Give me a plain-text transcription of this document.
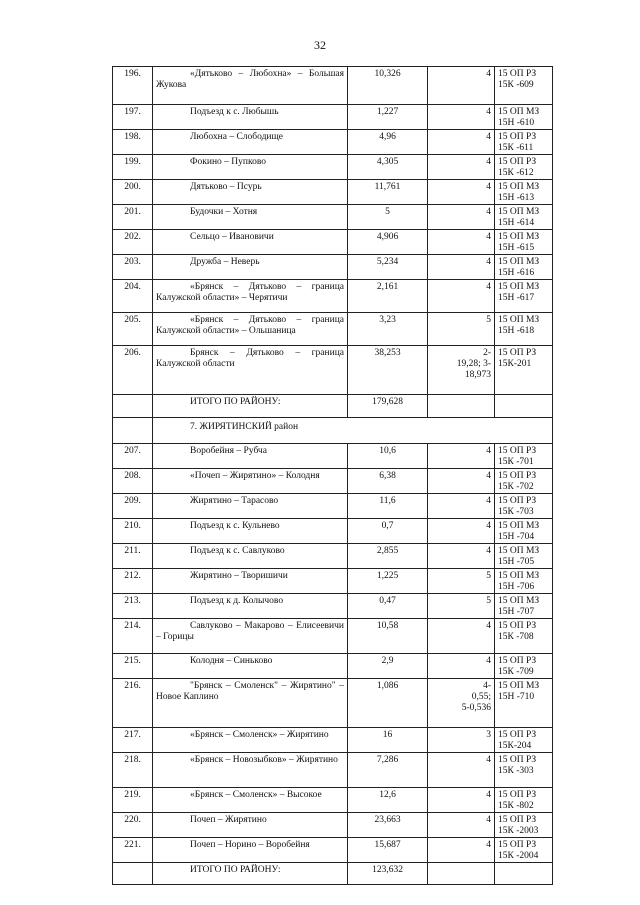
32
196.	«Дятьково – Любохна» – Большая Жукова	10,326	4	15 ОП РЗ 15К -609
197.	Подъезд к с. Любышь	1,227	4	15 ОП МЗ 15Н -610
198.	Любохна – Слободище	4,96	4	15 ОП РЗ 15К -611
199.	Фокино – Пупково	4,305	4	15 ОП РЗ 15К -612
200.	Дятьково – Псурь	11,761	4	15 ОП МЗ 15Н -613
201.	Будочки – Хотня	5	4	15 ОП МЗ 15Н -614
202.	Сельцо – Ивановичи	4,906	4	15 ОП МЗ 15Н -615
203.	Дружба – Неверь	5,234	4	15 ОП МЗ 15Н -616
204.	«Брянск – Дятьково – граница Калужской области» – Черятичи	2,161	4	15 ОП МЗ 15Н -617
205.	«Брянск – Дятьково – граница Калужской области» – Ольшаница	3,23	5	15 ОП МЗ 15Н -618
206.	Брянск – Дятьково – граница Калужской области	38,253	2-
19,28; 3-
18,973	15 ОП РЗ 15К-201
	ИТОГО ПО РАЙОНУ:	179,628		
	7. ЖИРЯТИНСКИЙ район			
207.	Воробейня – Рубча	10,6	4	15 ОП РЗ 15К -701
208.	«Почеп – Жирятино» – Колодня	6,38	4	15 ОП РЗ 15К -702
209.	Жирятино – Тарасово	11,6	4	15 ОП РЗ 15К -703
210.	Подъезд к с. Кульнево	0,7	4	15 ОП МЗ 15Н -704
211.	Подъезд к с. Савлуково	2,855	4	15 ОП МЗ 15Н -705
212.	Жирятино – Творишичи	1,225	5	15 ОП МЗ 15Н -706
213.	Подъезд к д. Колычово	0,47	5	15 ОП МЗ 15Н -707
214.	Савлуково – Макарово – Елисеевичи – Горицы	10,58	4	15 ОП РЗ 15К -708
215.	Колодня – Синьково	2,9	4	15 ОП РЗ 15К -709
216.	"Брянск – Смоленск" – Жирятино" – Новое Каплино	1,086	4-
0,55;
5-0,536	15 ОП МЗ 15Н -710
217.	«Брянск – Смоленск» – Жирятино	16	3	15 ОП РЗ 15К-204
218.	«Брянск – Новозыбков» – Жирятино	7,286	4	15 ОП РЗ 15К -303
219.	«Брянск – Смоленск» – Высокое	12,6	4	15 ОП РЗ 15К -802
220.	Почеп – Жирятино	23,663	4	15 ОП РЗ 15К -2003
221.	Почеп – Норино – Воробейня	15,687	4	15 ОП РЗ 15К -2004
	ИТОГО ПО РАЙОНУ:	123,632		
